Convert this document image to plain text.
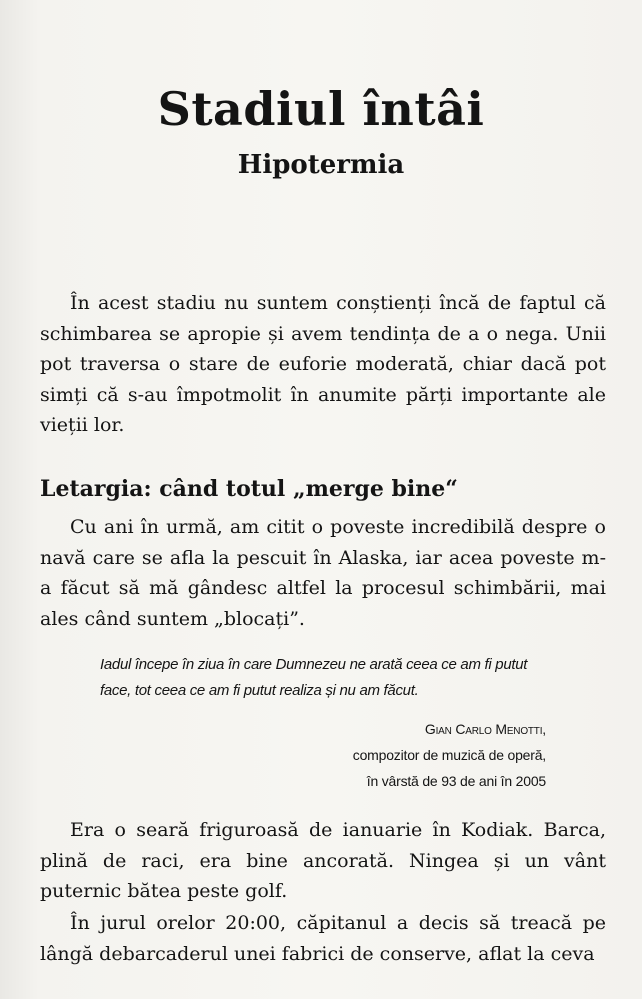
Stadiul întâi
Hipotermia

În acest stadiu nu suntem conștienți încă de faptul că schimbarea se apropie și avem tendința de a o nega. Unii pot traversa o stare de euforie moderată, chiar dacă pot simți că s-au împotmolit în anumite părți importante ale vieții lor.

Letargia: când totul „merge bine“

Cu ani în urmă, am citit o poveste incredibilă despre o navă care se afla la pescuit în Alaska, iar acea poveste m-a făcut să mă gândesc altfel la procesul schimbării, mai ales când suntem „blocați”.

Iadul începe în ziua în care Dumnezeu ne arată ceea ce am fi putut face, tot ceea ce am fi putut realiza și nu am făcut.

Gian Carlo Menotti,
compozitor de muzică de operă,
în vârstă de 93 de ani în 2005

Era o seară friguroasă de ianuarie în Kodiak. Barca, plină de raci, era bine ancorată. Ningea și un vânt puternic bătea peste golf.

În jurul orelor 20:00, căpitanul a decis să treacă pe lângă debarcaderul unei fabrici de conserve, aflat la ceva
